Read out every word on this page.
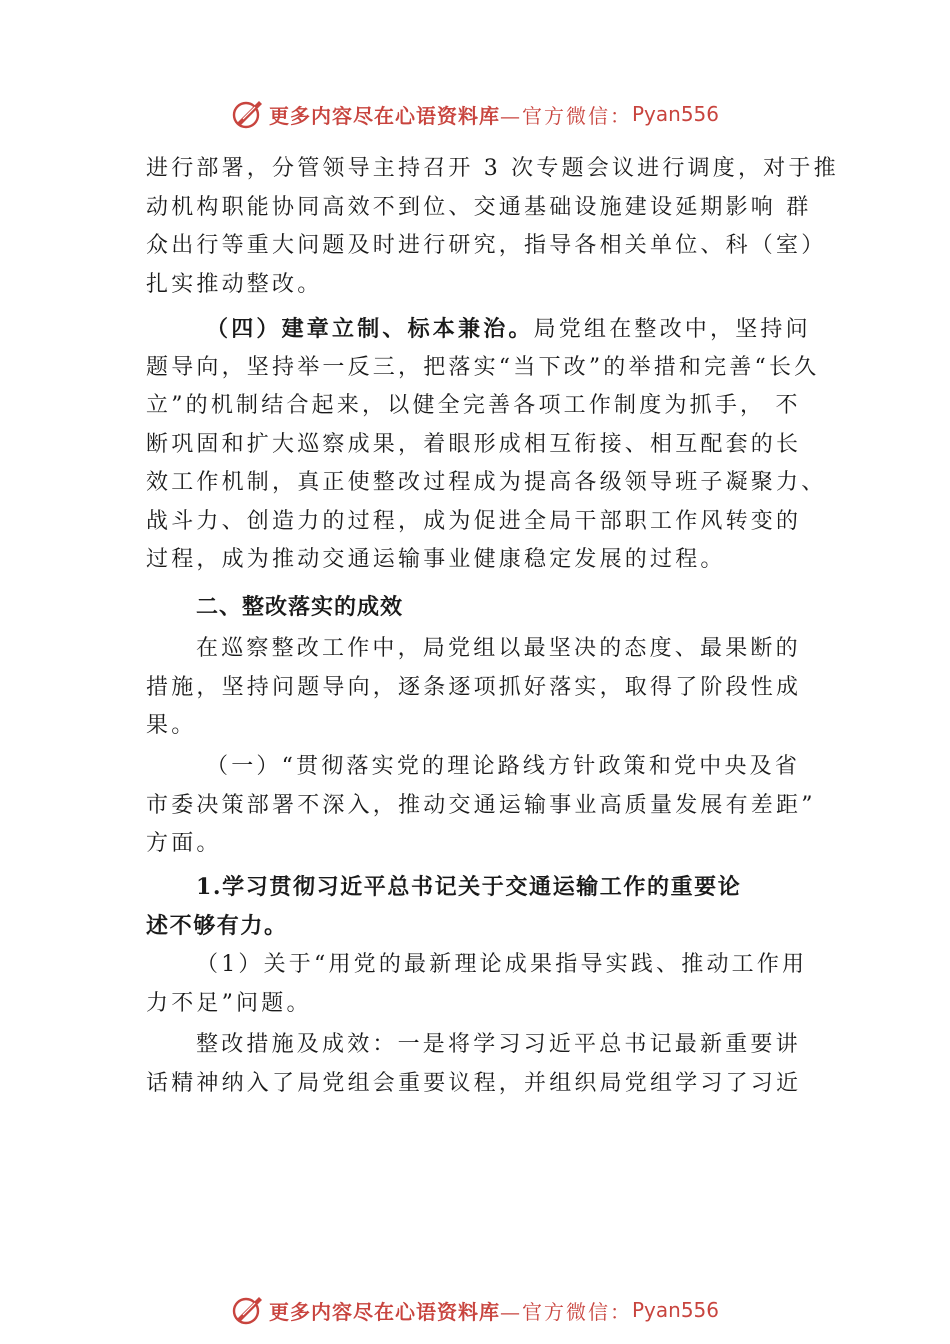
更多内容尽在心语资料库 —官方微信： Pyan556
进行部署，分管领导主持召开 3 次专题会议进行调度，对于推
动机构职能协同高效不到位、交通基础设施建设延期影响 群
众出行等重大问题及时进行研究，指导各相关单位、科（室）
扎实推动整改。
（四）建章立制、标本兼治。局党组在整改中，坚持问
题导向，坚持举一反三，把落实“当下改”的举措和完善“长久
立”的机制结合起来，以健全完善各项工作制度为抓手， 不
断巩固和扩大巡察成果，着眼形成相互衔接、相互配套的长
效工作机制，真正使整改过程成为提高各级领导班子凝聚力、
战斗力、创造力的过程，成为促进全局干部职工作风转变的
过程，成为推动交通运输事业健康稳定发展的过程。
二、整改落实的成效
在巡察整改工作中，局党组以最坚决的态度、最果断的
措施，坚持问题导向，逐条逐项抓好落实，取得了阶段性成
果。
（一）“贯彻落实党的理论路线方针政策和党中央及省
市委决策部署不深入，推动交通运输事业高质量发展有差距”
方面。
1.学习贯彻习近平总书记关于交通运输工作的重要论
述不够有力。
（1）关于“用党的最新理论成果指导实践、推动工作用
力不足”问题。
整改措施及成效：一是将学习习近平总书记最新重要讲
话精神纳入了局党组会重要议程，并组织局党组学习了习近
更多内容尽在心语资料库 —官方微信： Pyan556
